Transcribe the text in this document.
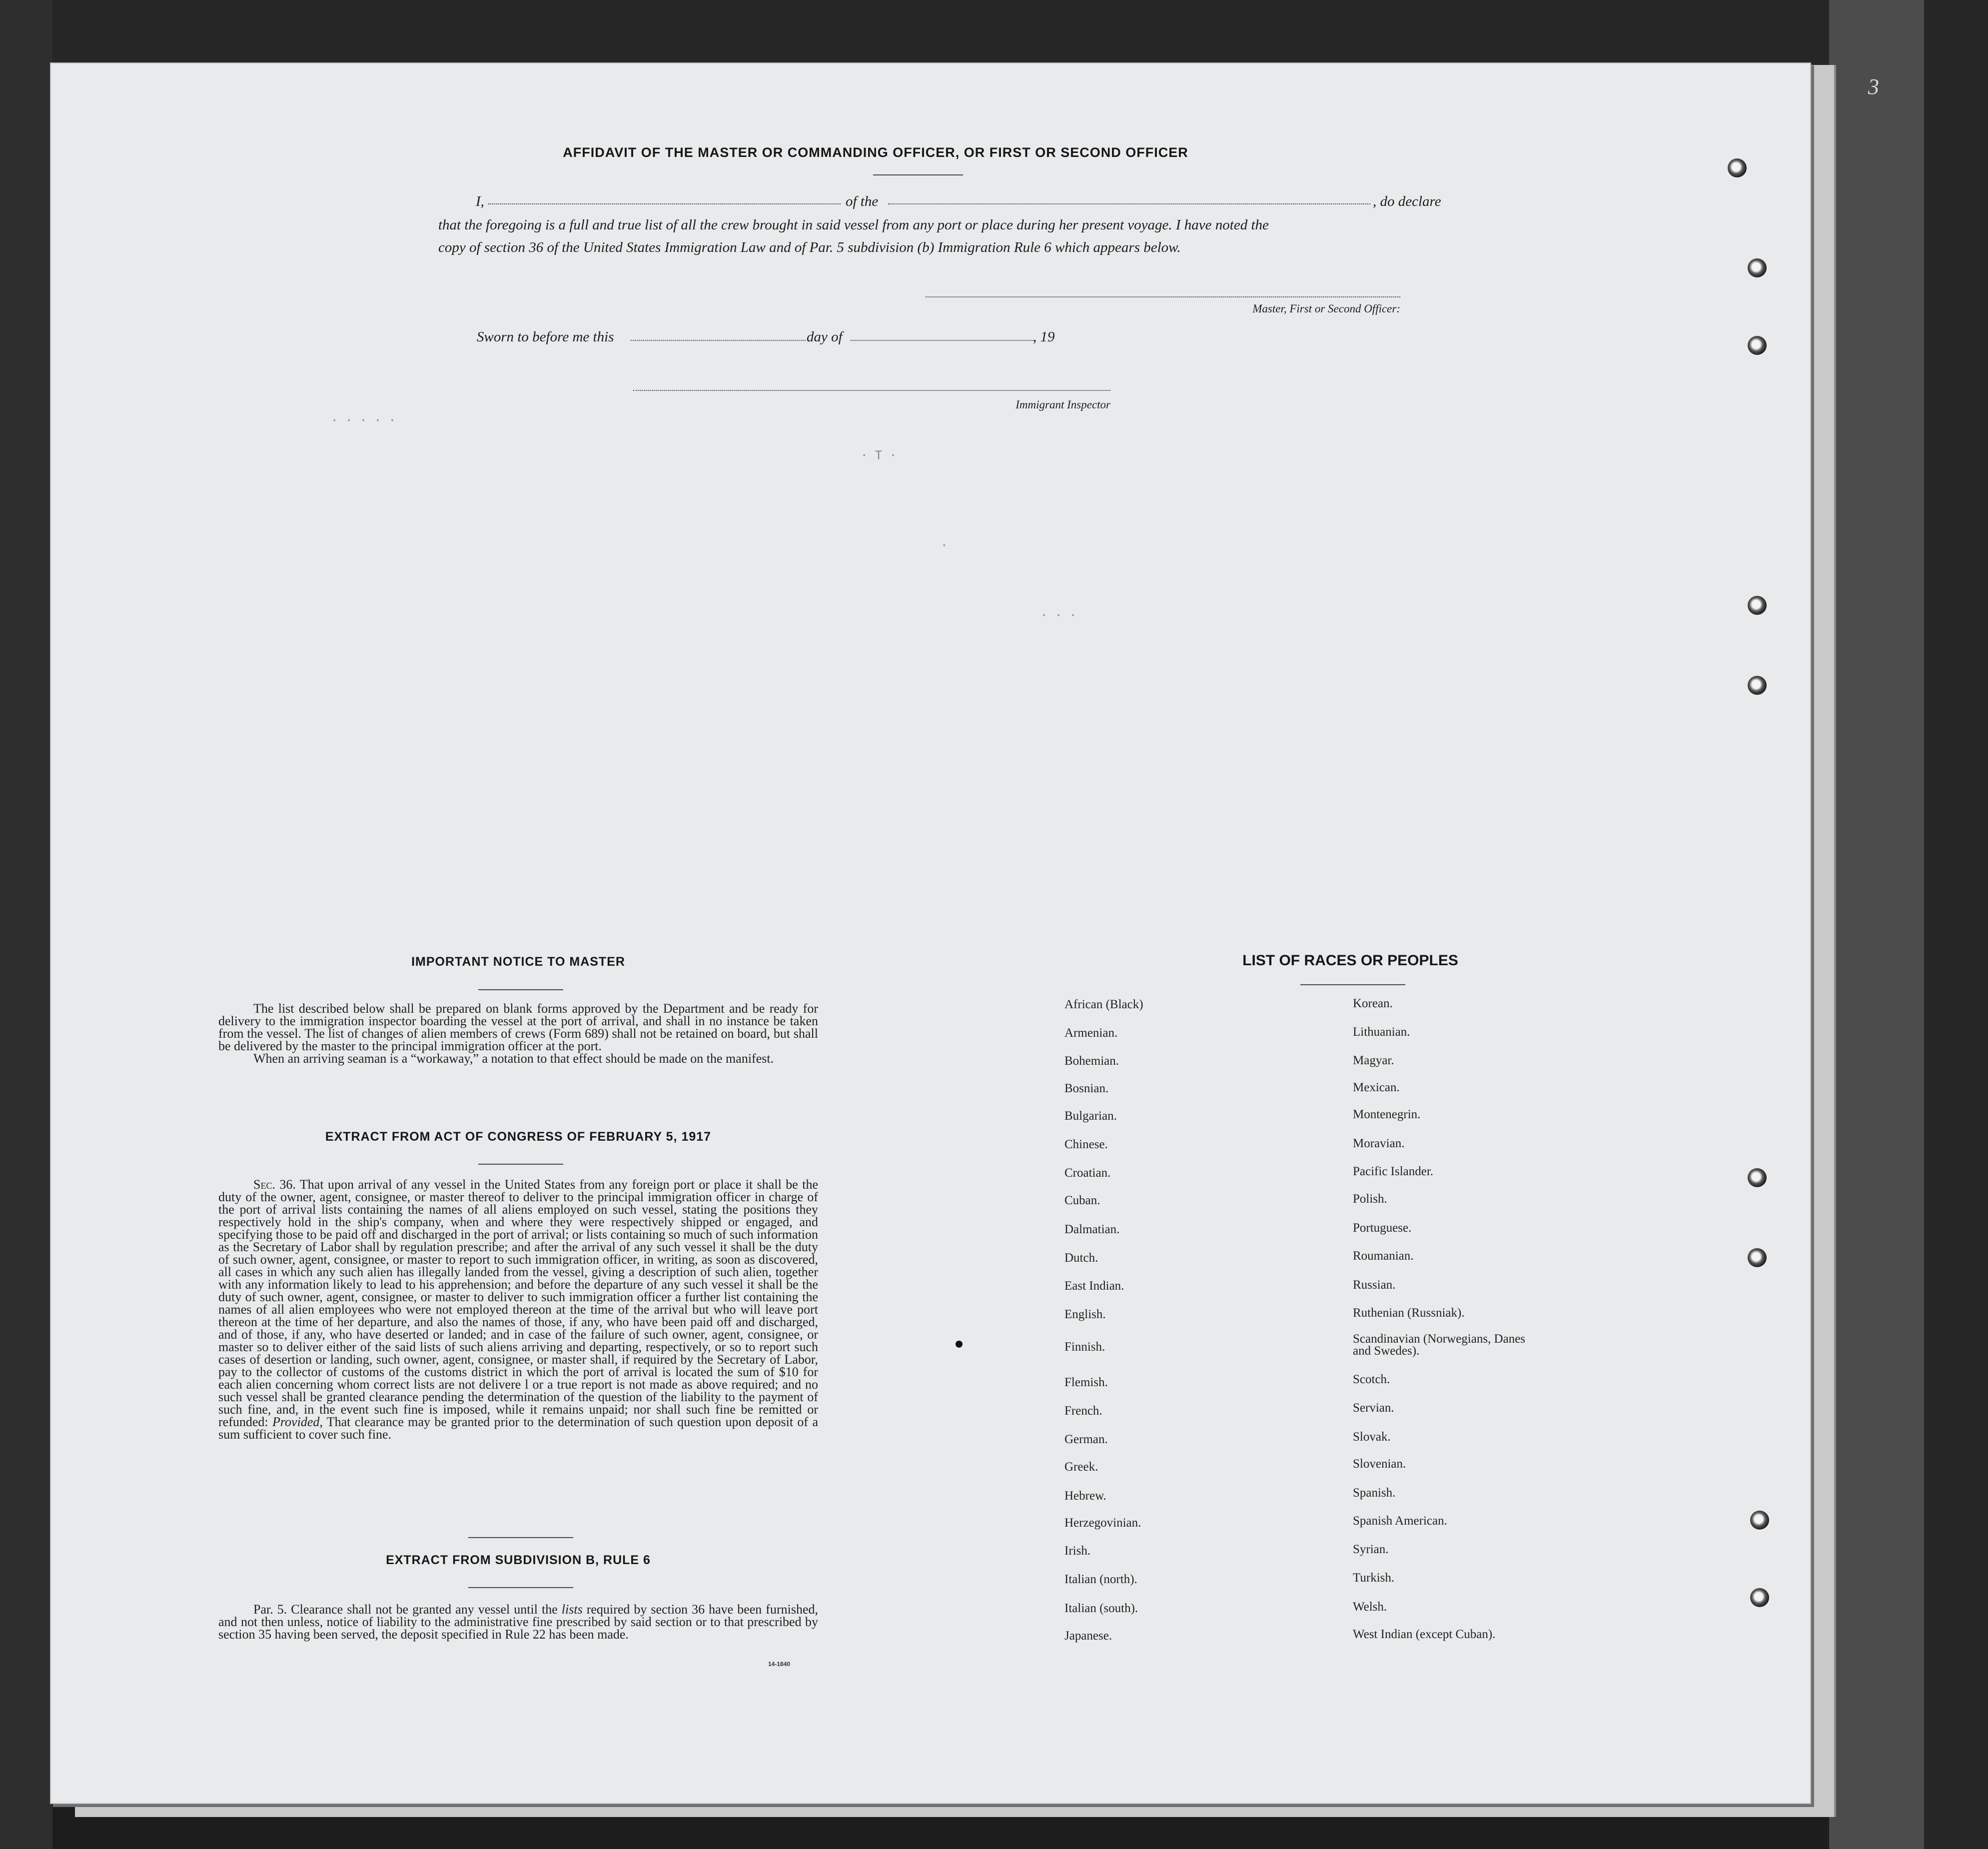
3
· · · · ·
· T ·
·
· · ·
AFFIDAVIT OF THE MASTER OR COMMANDING OFFICER, OR FIRST OR SECOND OFFICER
I,	of the	, do declare
that the foregoing is a full and true list of all the crew brought in said vessel from any port or place during her present voyage. I have noted the
copy of section 36 of the United States Immigration Law and of Par. 5 subdivision (b) Immigration Rule 6 which appears below.
Master, First or Second Officer:
Sworn to before me this	day of	, 19
Immigrant Inspector
IMPORTANT NOTICE TO MASTER
The list described below shall be prepared on blank forms approved by the Department and be ready for delivery to the immigration inspector boarding the vessel at the port of arrival, and shall in no instance be taken from the vessel. The list of changes of alien members of crews (Form 689) shall not be retained on board, but shall be delivered by the master to the principal immigration officer at the port.
When an arriving seaman is a “workaway,” a notation to that effect should be made on the manifest.
EXTRACT FROM ACT OF CONGRESS OF FEBRUARY 5, 1917
Sec. 36. That upon arrival of any vessel in the United States from any foreign port or place it shall be the duty of the owner, agent, consignee, or master thereof to deliver to the principal immigration officer in charge of the port of arrival lists containing the names of all aliens employed on such vessel, stating the positions they respectively hold in the ship's company, when and where they were respectively shipped or engaged, and specifying those to be paid off and discharged in the port of arrival; or lists containing so much of such information as the Secretary of Labor shall by regulation prescribe; and after the arrival of any such vessel it shall be the duty of such owner, agent, consignee, or master to report to such immigration officer, in writing, as soon as discovered, all cases in which any such alien has illegally landed from the vessel, giving a description of such alien, together with any information likely to lead to his apprehension; and before the departure of any such vessel it shall be the duty of such owner, agent, consignee, or master to deliver to such immigration officer a further list containing the names of all alien employees who were not employed thereon at the time of the arrival but who will leave port thereon at the time of her departure, and also the names of those, if any, who have been paid off and discharged, and of those, if any, who have deserted or landed; and in case of the failure of such owner, agent, consignee, or master so to deliver either of the said lists of such aliens arriving and departing, respectively, or so to report such cases of desertion or landing, such owner, agent, consignee, or master shall, if required by the Secretary of Labor, pay to the collector of customs of the customs district in which the port of arrival is located the sum of $10 for each alien concerning whom correct lists are not delivere l or a true report is not made as above required; and no such vessel shall be granted clearance pending the determination of the question of the liability to the payment of such fine, and, in the event such fine is imposed, while it remains unpaid; nor shall such fine be remitted or refunded: Provided, That clearance may be granted prior to the determination of such question upon deposit of a sum sufficient to cover such fine.
EXTRACT FROM SUBDIVISION B, RULE 6
Par. 5. Clearance shall not be granted any vessel until the lists required by section 36 have been furnished, and not then unless, notice of liability to the administrative fine prescribed by said section or to that prescribed by section 35 having been served, the deposit specified in Rule 22 has been made.
14-1840
LIST OF RACES OR PEOPLES
African (Black)
Armenian.
Bohemian.
Bosnian.
Bulgarian.
Chinese.
Croatian.
Cuban.
Dalmatian.
Dutch.
East Indian.
English.
Finnish.
Flemish.
French.
German.
Greek.
Hebrew.
Herzegovinian.
Irish.
Italian (north).
Italian (south).
Japanese.
Korean.
Lithuanian.
Magyar.
Mexican.
Montenegrin.
Moravian.
Pacific Islander.
Polish.
Portuguese.
Roumanian.
Russian.
Ruthenian (Russniak).
Scandinavian (Norwegians, Danes and Swedes).
Scotch.
Servian.
Slovak.
Slovenian.
Spanish.
Spanish American.
Syrian.
Turkish.
Welsh.
West Indian (except Cuban).
